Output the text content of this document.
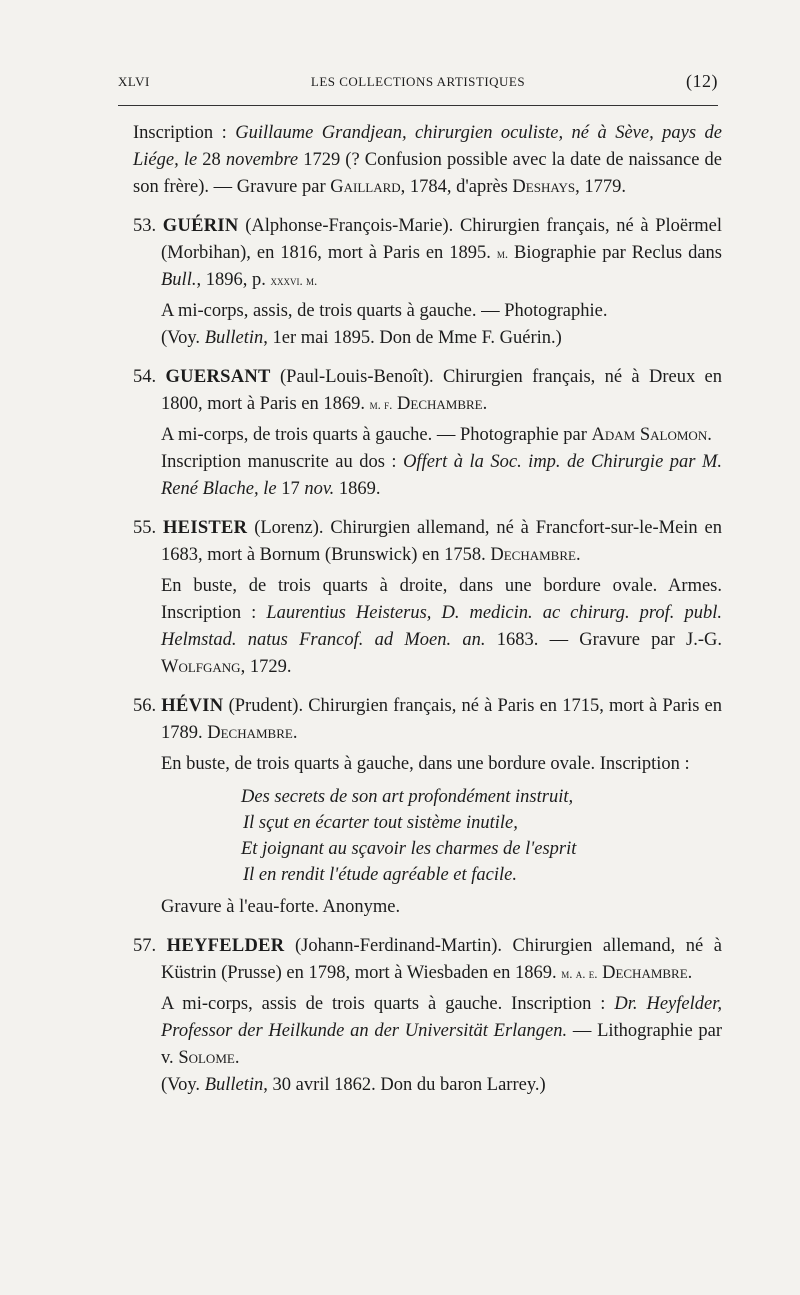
XLVI	LES COLLECTIONS ARTISTIQUES	(12)

Inscription : Guillaume Grandjean, chirurgien oculiste, né à Sève, pays de Liége, le 28 novembre 1729 (? Confusion possible avec la date de naissance de son frère). — Gravure par Gaillard, 1784, d'après Deshays, 1779.

53. GUÉRIN (Alphonse-François-Marie). Chirurgien français, né à Ploërmel (Morbihan), en 1816, mort à Paris en 1895. m. Biographie par Reclus dans Bull., 1896, p. xxxvi. m.
A mi-corps, assis, de trois quarts à gauche. — Photographie.
(Voy. Bulletin, 1er mai 1895. Don de Mme F. Guérin.)
54. GUERSANT (Paul-Louis-Benoît). Chirurgien français, né à Dreux en 1800, mort à Paris en 1869. m. f. Dechambre.
A mi-corps, de trois quarts à gauche. — Photographie par Adam Salomon.
Inscription manuscrite au dos : Offert à la Soc. imp. de Chirurgie par M. René Blache, le 17 nov. 1869.
55. HEISTER (Lorenz). Chirurgien allemand, né à Francfort-sur-le-Mein en 1683, mort à Bornum (Brunswick) en 1758. Dechambre.
En buste, de trois quarts à droite, dans une bordure ovale. Armes. Inscription : Laurentius Heisterus, D. medicin. ac chirurg. prof. publ. Helmstad. natus Francof. ad Moen. an. 1683. — Gravure par J.-G. Wolfgang, 1729.
56. HÉVIN (Prudent). Chirurgien français, né à Paris en 1715, mort à Paris en 1789. Dechambre.
En buste, de trois quarts à gauche, dans une bordure ovale. Inscription :
Des secrets de son art profondément instruit,
Il sçut en écarter tout sistème inutile,
Et joignant au sçavoir les charmes de l'esprit
Il en rendit l'étude agréable et facile.
Gravure à l'eau-forte. Anonyme.
57. HEYFELDER (Johann-Ferdinand-Martin). Chirurgien allemand, né à Küstrin (Prusse) en 1798, mort à Wiesbaden en 1869. m. a. e. Dechambre.
A mi-corps, assis de trois quarts à gauche. Inscription : Dr. Heyfelder, Professor der Heilkunde an der Universität Erlangen. — Lithographie par v. Solome.
(Voy. Bulletin, 30 avril 1862. Don du baron Larrey.)
